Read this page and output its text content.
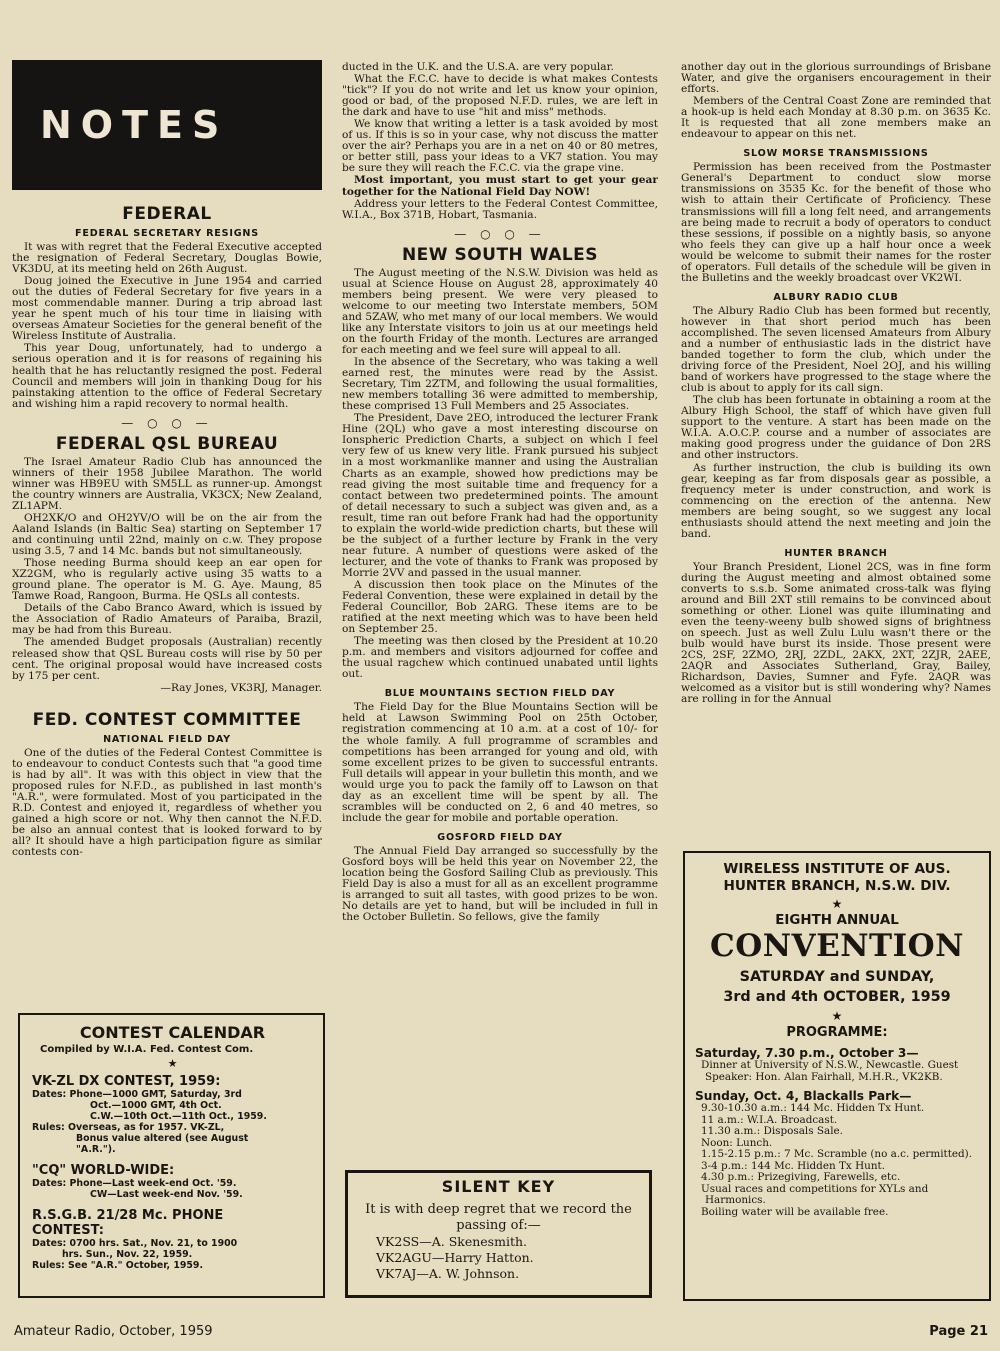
NOTES
FEDERAL
FEDERAL SECRETARY RESIGNS

It was with regret that the Federal Executive accepted the resignation of Federal Secretary, Douglas Bowie, VK3DU, at its meeting held on 26th August.

Doug joined the Executive in June 1954 and carried out the duties of Federal Secretary for five years in a most commendable manner. During a trip abroad last year he spent much of his tour time in liaising with overseas Amateur Societies for the general benefit of the Wireless Institute of Australia.

This year Doug, unfortunately, had to undergo a serious operation and it is for reasons of regaining his health that he has reluctantly resigned the post. Federal Council and members will join in thanking Doug for his painstaking attention to the office of Federal Secretary and wishing him a rapid recovery to normal health.

— ○ ○ —
FEDERAL QSL BUREAU

The Israel Amateur Radio Club has announced the winners of their 1958 Jubilee Marathon. The world winner was HB9EU with SM5LL as runner-up. Amongst the country winners are Australia, VK3CX; New Zealand, ZL1APM.

OH2XK/O and OH2YV/O will be on the air from the Aaland Islands (in Baltic Sea) starting on September 17 and continuing until 22nd, mainly on c.w. They propose using 3.5, 7 and 14 Mc. bands but not simultaneously.

Those needing Burma should keep an ear open for XZ2GM, who is regularly active using 35 watts to a ground plane. The operator is M. G. Aye. Maung, 85 Tamwe Road, Rangoon, Burma. He QSLs all contests.

Details of the Cabo Branco Award, which is issued by the Association of Radio Amateurs of Paraiba, Brazil, may be had from this Bureau.

The amended Budget proposals (Australian) recently released show that QSL Bureau costs will rise by 50 per cent. The original proposal would have increased costs by 175 per cent.

—Ray Jones, VK3RJ, Manager.

FED. CONTEST COMMITTEE
NATIONAL FIELD DAY

One of the duties of the Federal Contest Committee is to endeavour to conduct Contests such that "a good time is had by all". It was with this object in view that the proposed rules for N.F.D., as published in last month's "A.R.", were formulated. Most of you participated in the R.D. Contest and enjoyed it, regardless of whether you gained a high score or not. Why then cannot the N.F.D. be also an annual contest that is looked forward to by all? It should have a high participation figure as similar contests con-

CONTEST CALENDAR
Compiled by W.I.A. Fed. Contest Com.
★
VK-ZL DX CONTEST, 1959:
Dates: Phone—1000 GMT, Saturday, 3rd
Oct.—1000 GMT, 4th Oct.
C.W.—10th Oct.—11th Oct., 1959.
Rules: Overseas, as for 1957. VK-ZL,
Bonus value altered (see August
"A.R.").
"CQ" WORLD-WIDE:
Dates: Phone—Last week-end Oct. '59.
CW—Last week-end Nov. '59.
R.S.G.B. 21/28 Mc. PHONE
CONTEST:
Dates: 0700 hrs. Sat., Nov. 21, to 1900
hrs. Sun., Nov. 22, 1959.
Rules: See "A.R." October, 1959.

ducted in the U.K. and the U.S.A. are very popular.

What the F.C.C. have to decide is what makes Contests "tick"? If you do not write and let us know your opinion, good or bad, of the proposed N.F.D. rules, we are left in the dark and have to use "hit and miss" methods.

We know that writing a letter is a task avoided by most of us. If this is so in your case, why not discuss the matter over the air? Perhaps you are in a net on 40 or 80 metres, or better still, pass your ideas to a VK7 station. You may be sure they will reach the F.C.C. via the grape vine.

Most important, you must start to get your gear together for the National Field Day NOW!

Address your letters to the Federal Contest Committee, W.I.A., Box 371B, Hobart, Tasmania.

— ○ ○ —
NEW SOUTH WALES

The August meeting of the N.S.W. Division was held as usual at Science House on August 28, approximately 40 members being present. We were very pleased to welcome to our meeting two Interstate members, 5OM and 5ZAW, who met many of our local members. We would like any Interstate visitors to join us at our meetings held on the fourth Friday of the month. Lectures are arranged for each meeting and we feel sure will appeal to all.

In the absence of the Secretary, who was taking a well earned rest, the minutes were read by the Assist. Secretary, Tim 2ZTM, and following the usual formalities, new members totalling 36 were admitted to membership, these comprised 13 Full Members and 25 Associates.

The President, Dave 2EO, introduced the lecturer Frank Hine (2QL) who gave a most interesting discourse on Ionspheric Prediction Charts, a subject on which I feel very few of us knew very litle. Frank pursued his subject in a most workmanlike manner and using the Australian Charts as an example, showed how predictions may be read giving the most suitable time and frequency for a contact between two predetermined points. The amount of detail necessary to such a subject was given and, as a result, time ran out before Frank had had the opportunity to explain the world-wide prediction charts, but these will be the subject of a further lecture by Frank in the very near future. A number of questions were asked of the lecturer, and the vote of thanks to Frank was proposed by Morrie 2VV and passed in the usual manner.

A discussion then took place on the Minutes of the Federal Convention, these were explained in detail by the Federal Councillor, Bob 2ARG. These items are to be ratified at the next meeting which was to have been held on September 25.

The meeting was then closed by the President at 10.20 p.m. and members and visitors adjourned for coffee and the usual ragchew which continued unabated until lights out.

BLUE MOUNTAINS SECTION FIELD DAY

The Field Day for the Blue Mountains Section will be held at Lawson Swimming Pool on 25th October, registration commencing at 10 a.m. at a cost of 10/- for the whole family. A full programme of scrambles and competitions has been arranged for young and old, with some excellent prizes to be given to successful entrants. Full details will appear in your bulletin this month, and we would urge you to pack the family off to Lawson on that day as an excellent time will be spent by all. The scrambles will be conducted on 2, 6 and 40 metres, so include the gear for mobile and portable operation.

GOSFORD FIELD DAY

The Annual Field Day arranged so successfully by the Gosford boys will be held this year on November 22, the location being the Gosford Sailing Club as previously. This Field Day is also a must for all as an excellent programme is arranged to suit all tastes, with good prizes to be won. No details are yet to hand, but will be included in full in the October Bulletin. So fellows, give the family

SILENT KEY
It is with deep regret that we record the passing of:—
VK2SS—A. Skenesmith.
VK2AGU—Harry Hatton.
VK7AJ—A. W. Johnson.

another day out in the glorious surroundings of Brisbane Water, and give the organisers encouragement in their efforts.

Members of the Central Coast Zone are reminded that a hook-up is held each Monday at 8.30 p.m. on 3635 Kc. It is requested that all zone members make an endeavour to appear on this net.

SLOW MORSE TRANSMISSIONS

Permission has been received from the Postmaster General's Department to conduct slow morse transmissions on 3535 Kc. for the benefit of those who wish to attain their Certificate of Proficiency. These transmissions will fill a long felt need, and arrangements are being made to recruit a body of operators to conduct these sessions, if possible on a nightly basis, so anyone who feels they can give up a half hour once a week would be welcome to submit their names for the roster of operators. Full details of the schedule will be given in the Bulletins and the weekly broadcast over VK2WI.

ALBURY RADIO CLUB

The Albury Radio Club has been formed but recently, however in that short period much has been accomplished. The seven licensed Amateurs from Albury and a number of enthusiastic lads in the district have banded together to form the club, which under the driving force of the President, Noel 2OJ, and his willing band of workers have progressed to the stage where the club is about to apply for its call sign.

The club has been fortunate in obtaining a room at the Albury High School, the staff of which have given full support to the venture. A start has been made on the W.I.A. A.O.C.P. course and a number of associates are making good progress under the guidance of Don 2RS and other instructors.

As further instruction, the club is building its own gear, keeping as far from disposals gear as possible, a frequency meter is under construction, and work is commencing on the erection of the antenna. New members are being sought, so we suggest any local enthusiasts should attend the next meeting and join the band.

HUNTER BRANCH

Your Branch President, Lionel 2CS, was in fine form during the August meeting and almost obtained some converts to s.s.b. Some animated cross-talk was flying around and Bill 2XT still remains to be convinced about something or other. Lionel was quite illuminating and even the teeny-weeny bulb showed signs of brightness on speech. Just as well Zulu Lulu wasn't there or the bulb would have burst its inside. Those present were 2CS, 2SF, 2ZMO, 2RJ, 2ZDL, 2AKX, 2XT, 2ZJR, 2AEE, 2AQR and Associates Sutherland, Gray, Bailey, Richardson, Davies, Sumner and Fyfe. 2AQR was welcomed as a visitor but is still wondering why? Names are rolling in for the Annual

WIRELESS INSTITUTE OF AUS.
HUNTER BRANCH, N.S.W. DIV.
★
EIGHTH ANNUAL
CONVENTION
SATURDAY and SUNDAY,
3rd and 4th OCTOBER, 1959
★
PROGRAMME:
Saturday, 7.30 p.m., October 3—
Dinner at University of N.S.W., Newcastle. Guest Speaker: Hon. Alan Fairhall, M.H.R., VK2KB.
Sunday, Oct. 4, Blackalls Park—
9.30-10.30 a.m.: 144 Mc. Hidden Tx Hunt.
11 a.m.: W.I.A. Broadcast.
11.30 a.m.: Disposals Sale.
Noon: Lunch.
1.15-2.15 p.m.: 7 Mc. Scramble (no a.c. permitted).
3-4 p.m.: 144 Mc. Hidden Tx Hunt.
4.30 p.m.: Prizegiving, Farewells, etc.
Usual races and competitions for XYLs and Harmonics.
Boiling water will be available free.
Amateur Radio, October, 1959	Page 21
